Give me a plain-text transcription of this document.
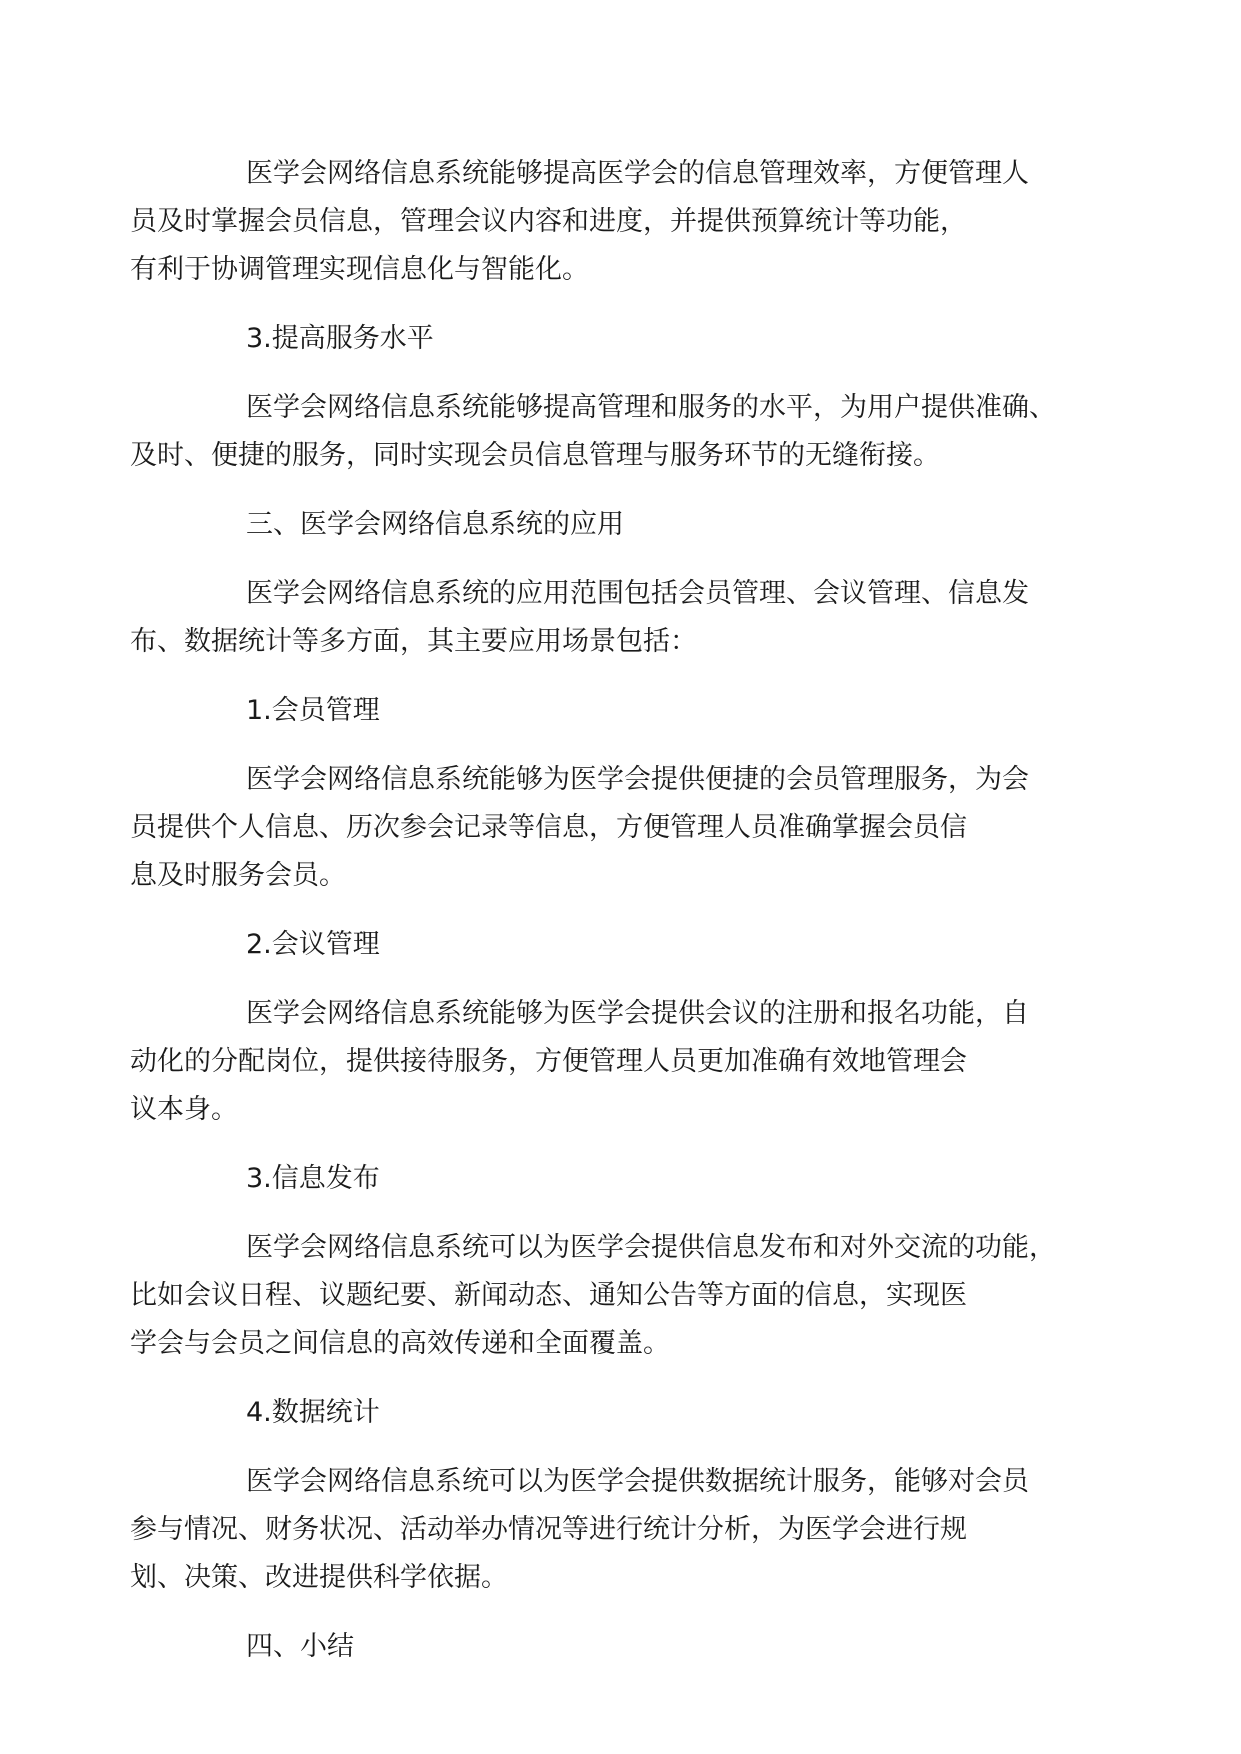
医学会网络信息系统能够提高医学会的信息管理效率，方便管理人
员及时掌握会员信息，管理会议内容和进度，并提供预算统计等功能，
有利于协调管理实现信息化与智能化。

3.提高服务水平

医学会网络信息系统能够提高管理和服务的水平，为用户提供准确、
及时、便捷的服务，同时实现会员信息管理与服务环节的无缝衔接。

三、医学会网络信息系统的应用

医学会网络信息系统的应用范围包括会员管理、会议管理、信息发
布、数据统计等多方面，其主要应用场景包括：

1.会员管理

医学会网络信息系统能够为医学会提供便捷的会员管理服务，为会
员提供个人信息、历次参会记录等信息，方便管理人员准确掌握会员信
息及时服务会员。

2.会议管理

医学会网络信息系统能够为医学会提供会议的注册和报名功能，自
动化的分配岗位，提供接待服务，方便管理人员更加准确有效地管理会
议本身。

3.信息发布

医学会网络信息系统可以为医学会提供信息发布和对外交流的功能，
比如会议日程、议题纪要、新闻动态、通知公告等方面的信息，实现医
学会与会员之间信息的高效传递和全面覆盖。

4.数据统计

医学会网络信息系统可以为医学会提供数据统计服务，能够对会员
参与情况、财务状况、活动举办情况等进行统计分析，为医学会进行规
划、决策、改进提供科学依据。

四、小结
